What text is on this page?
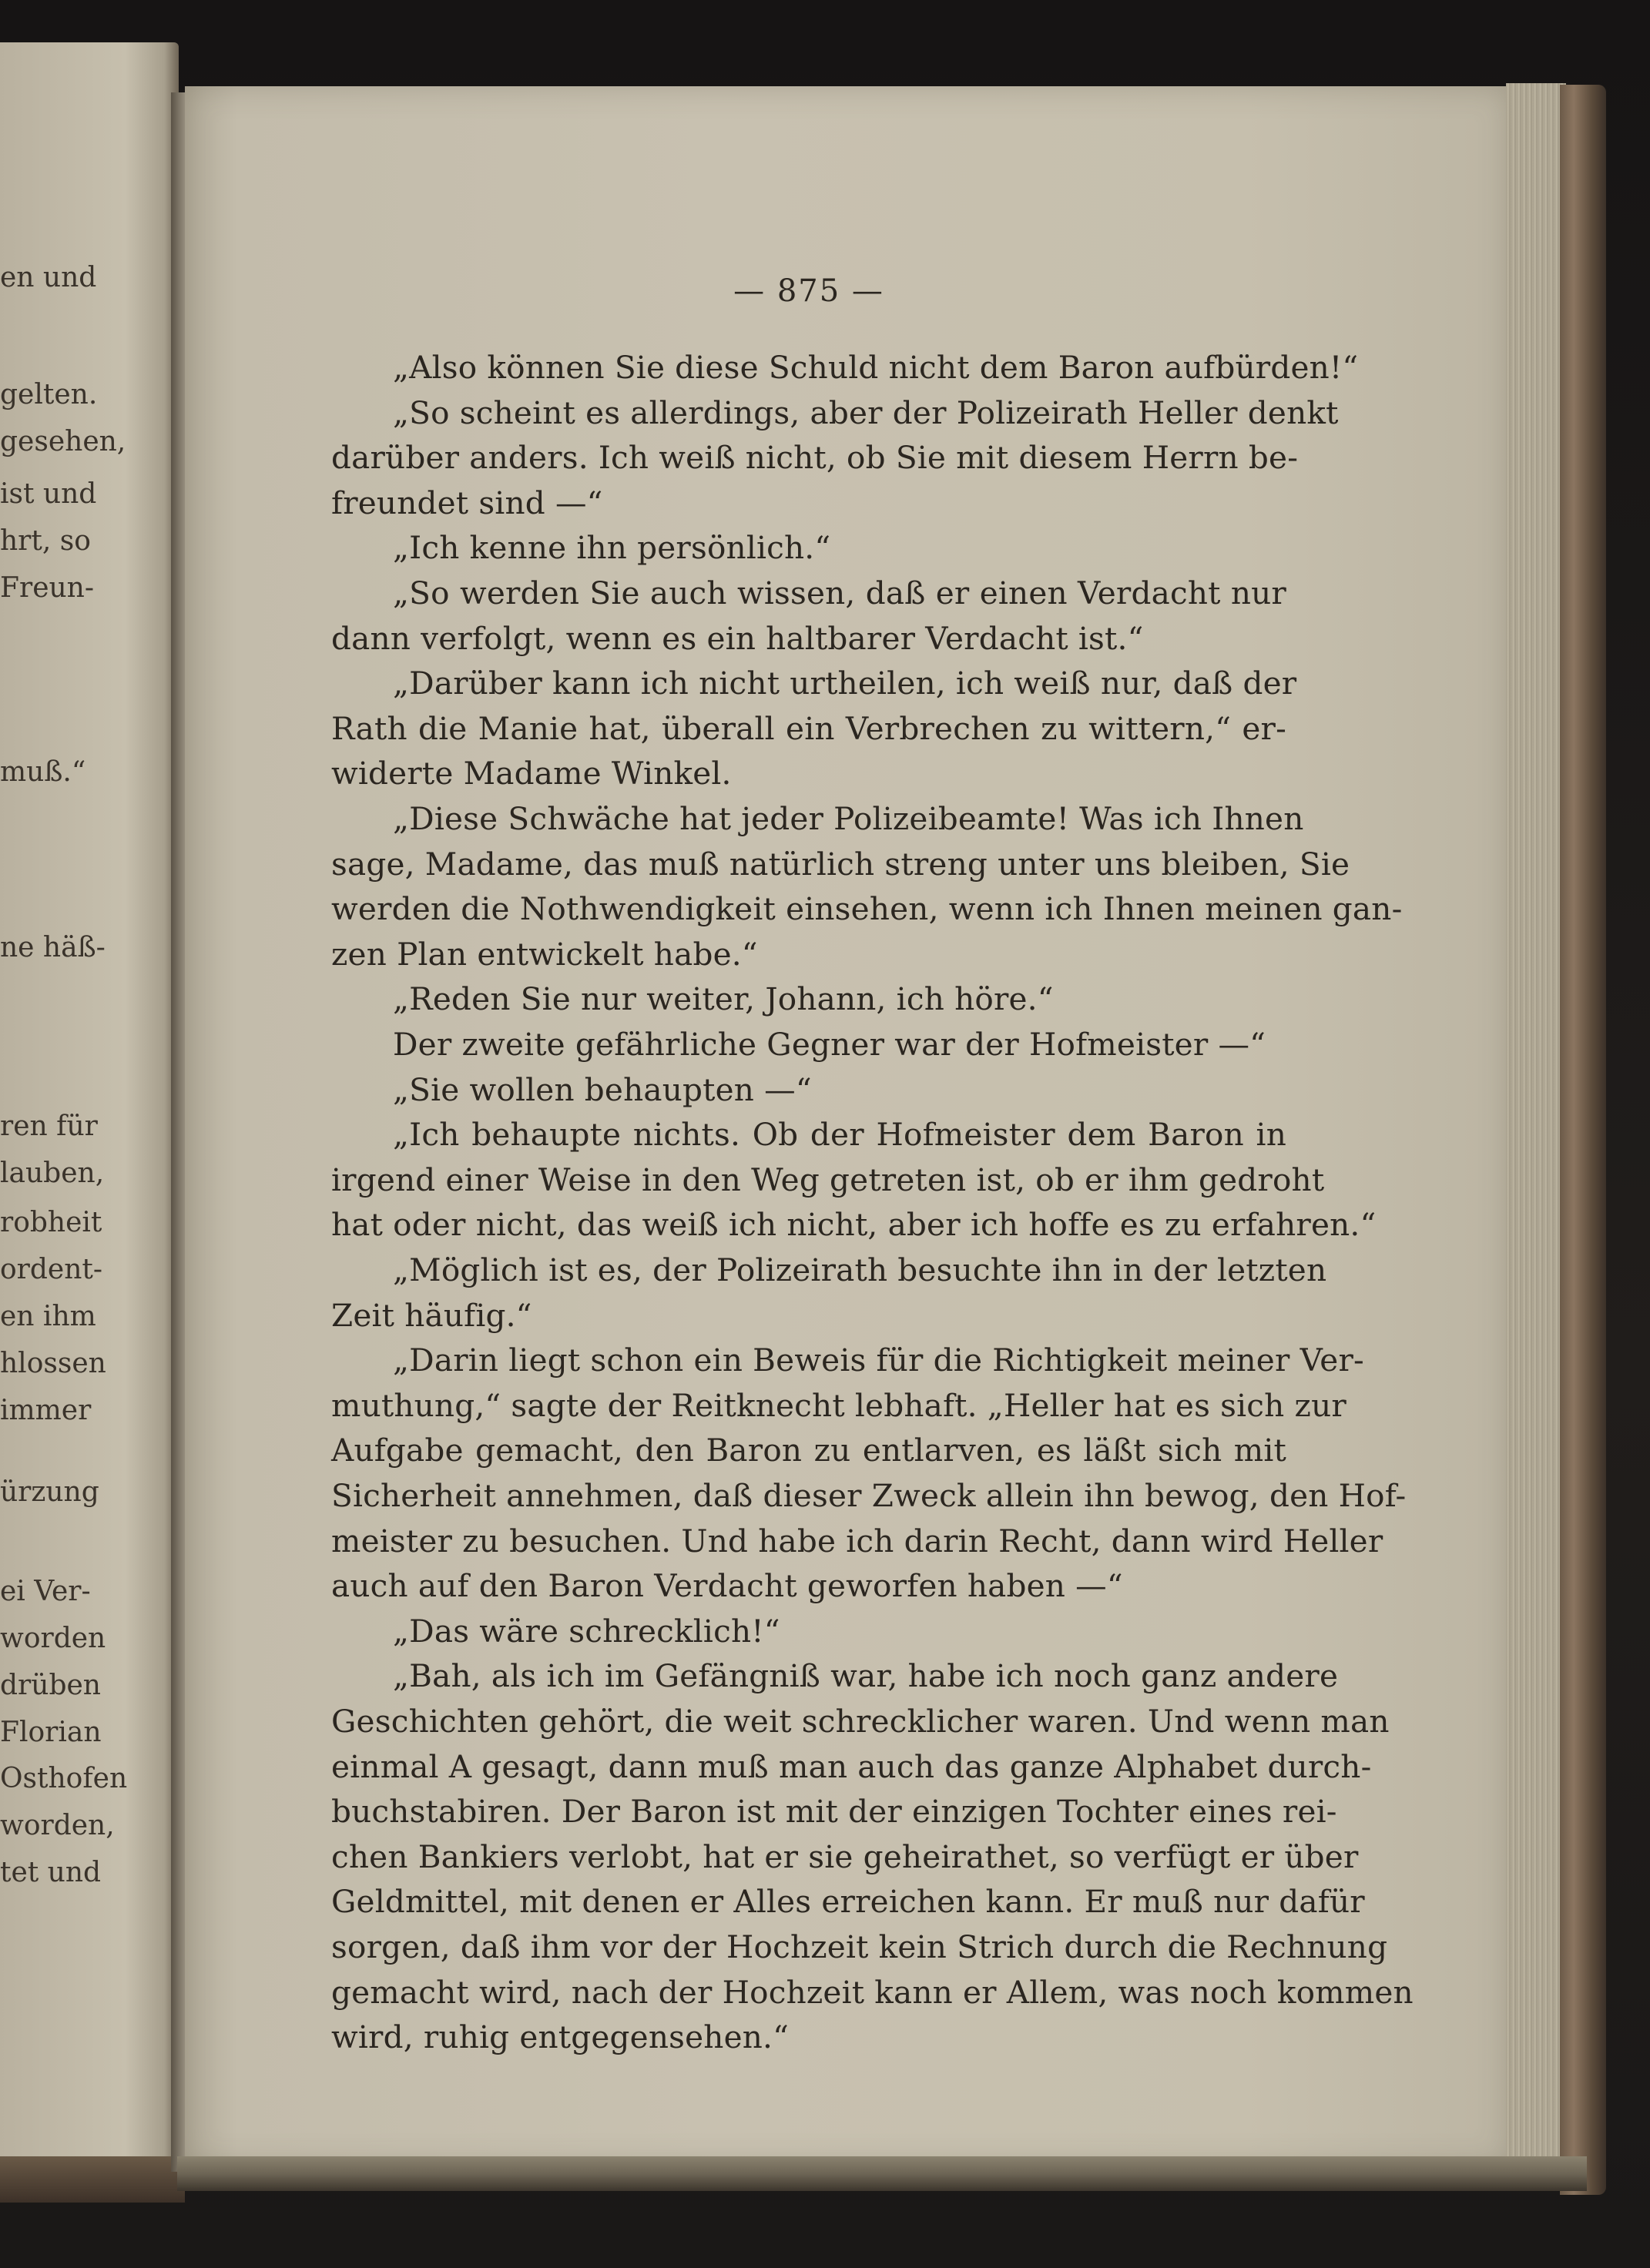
en und
gelten.
gesehen,
ist und
hrt, so
Freun-
muß.“
ne häß-
ren für
lauben,
robheit
ordent-
en ihm
hlossen
immer
ürzung
ei Ver-
worden
drüben
Florian
Osthofen
worden,
tet und
— 875 —
„Also können Sie diese Schuld nicht dem Baron aufbürden!“
„So scheint es allerdings, aber der Polizeirath Heller denkt
darüber anders. Ich weiß nicht, ob Sie mit diesem Herrn be-
freundet sind —“
„Ich kenne ihn persönlich.“
„So werden Sie auch wissen, daß er einen Verdacht nur
dann verfolgt, wenn es ein haltbarer Verdacht ist.“
„Darüber kann ich nicht urtheilen, ich weiß nur, daß der
Rath die Manie hat, überall ein Verbrechen zu wittern,“ er-
widerte Madame Winkel.
„Diese Schwäche hat jeder Polizeibeamte! Was ich Ihnen
sage, Madame, das muß natürlich streng unter uns bleiben, Sie
werden die Nothwendigkeit einsehen, wenn ich Ihnen meinen gan-
zen Plan entwickelt habe.“
„Reden Sie nur weiter, Johann, ich höre.“
Der zweite gefährliche Gegner war der Hofmeister —“
„Sie wollen behaupten —“
„Ich behaupte nichts. Ob der Hofmeister dem Baron in
irgend einer Weise in den Weg getreten ist, ob er ihm gedroht
hat oder nicht, das weiß ich nicht, aber ich hoffe es zu erfahren.“
„Möglich ist es, der Polizeirath besuchte ihn in der letzten
Zeit häufig.“
„Darin liegt schon ein Beweis für die Richtigkeit meiner Ver-
muthung,“ sagte der Reitknecht lebhaft. „Heller hat es sich zur
Aufgabe gemacht, den Baron zu entlarven, es läßt sich mit
Sicherheit annehmen, daß dieser Zweck allein ihn bewog, den Hof-
meister zu besuchen. Und habe ich darin Recht, dann wird Heller
auch auf den Baron Verdacht geworfen haben —“
„Das wäre schrecklich!“
„Bah, als ich im Gefängniß war, habe ich noch ganz andere
Geschichten gehört, die weit schrecklicher waren. Und wenn man
einmal A gesagt, dann muß man auch das ganze Alphabet durch-
buchstabiren. Der Baron ist mit der einzigen Tochter eines rei-
chen Bankiers verlobt, hat er sie geheirathet, so verfügt er über
Geldmittel, mit denen er Alles erreichen kann. Er muß nur dafür
sorgen, daß ihm vor der Hochzeit kein Strich durch die Rechnung
gemacht wird, nach der Hochzeit kann er Allem, was noch kommen
wird, ruhig entgegensehen.“
